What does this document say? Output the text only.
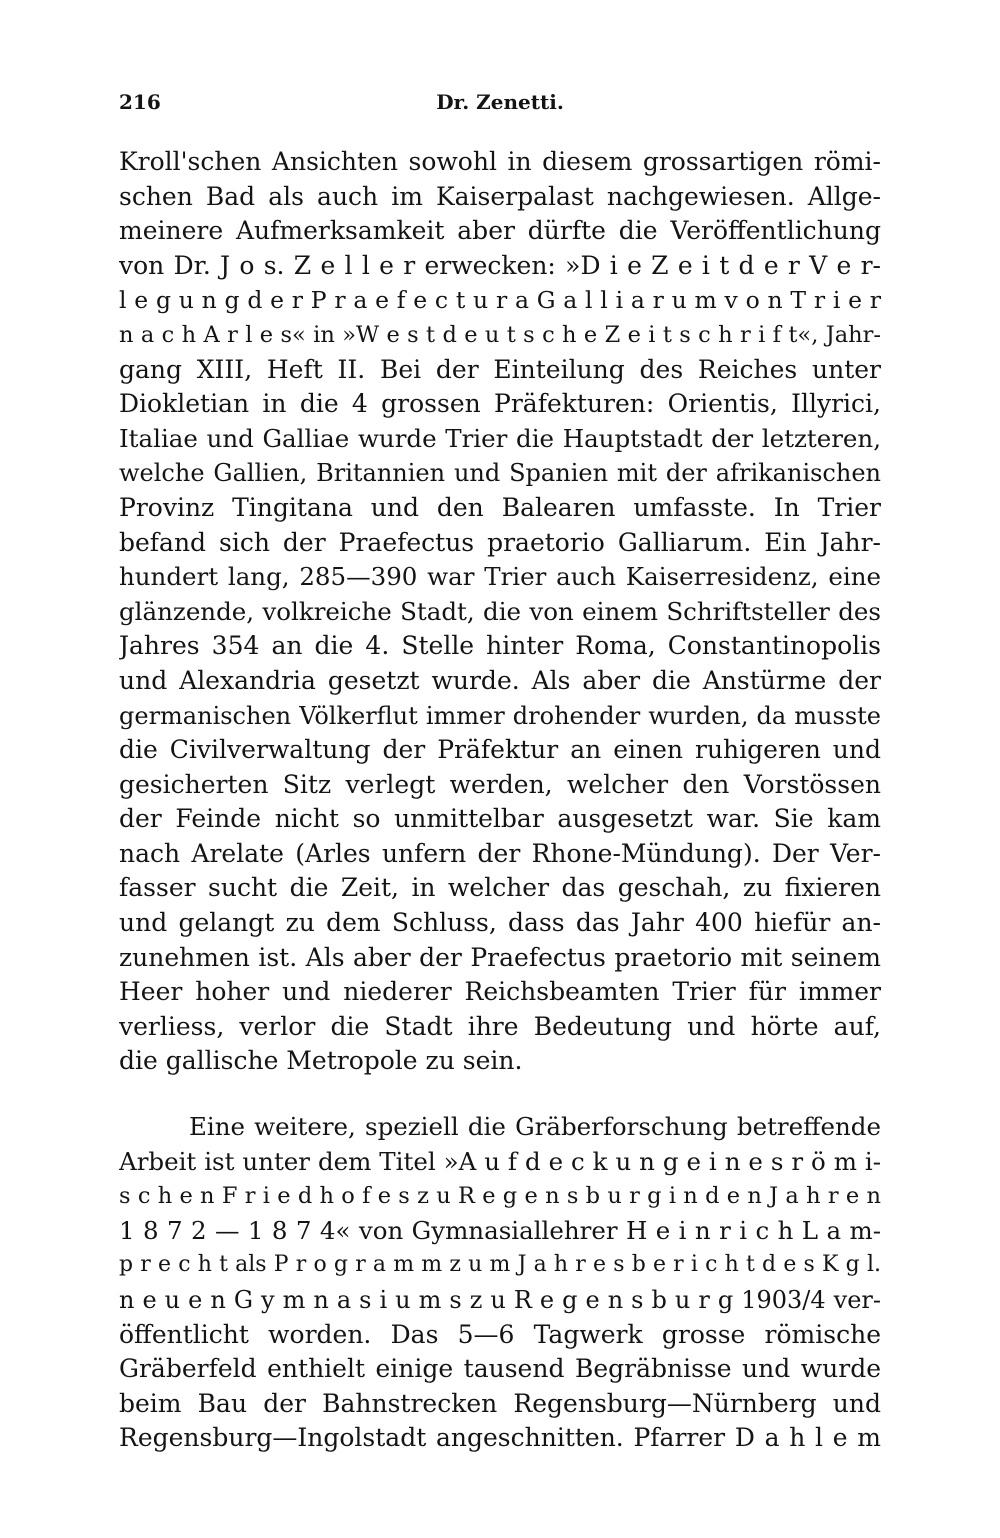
216	Dr. Zenetti.
Kroll'schen Ansichten sowohl in diesem grossartigen römi-
schen Bad als auch im Kaiserpalast nachgewiesen. Allge-
meinere Aufmerksamkeit aber dürfte die Veröffentlichung
von Dr. J o s. Z e l l e r erwecken: »D i e Z e i t d e r V e r-
l e g u n g d e r P r a e f e c t u r a G a l l i a r u m v o n T r i e r
n a c h A r l e s« in »W e s t d e u t s c h e Z e i t s c h r i f t«, Jahr-
gang XIII, Heft II. Bei der Einteilung des Reiches unter
Diokletian in die 4 grossen Präfekturen: Orientis, Illyrici,
Italiae und Galliae wurde Trier die Hauptstadt der letzteren,
welche Gallien, Britannien und Spanien mit der afrikanischen
Provinz Tingitana und den Balearen umfasste. In Trier
befand sich der Praefectus praetorio Galliarum. Ein Jahr-
hundert lang, 285—390 war Trier auch Kaiserresidenz, eine
glänzende, volkreiche Stadt, die von einem Schriftsteller des
Jahres 354 an die 4. Stelle hinter Roma, Constantinopolis
und Alexandria gesetzt wurde. Als aber die Anstürme der
germanischen Völkerflut immer drohender wurden, da musste
die Civilverwaltung der Präfektur an einen ruhigeren und
gesicherten Sitz verlegt werden, welcher den Vorstössen
der Feinde nicht so unmittelbar ausgesetzt war. Sie kam
nach Arelate (Arles unfern der Rhone-Mündung). Der Ver-
fasser sucht die Zeit, in welcher das geschah, zu fixieren
und gelangt zu dem Schluss, dass das Jahr 400 hiefür an-
zunehmen ist. Als aber der Praefectus praetorio mit seinem
Heer hoher und niederer Reichsbeamten Trier für immer
verliess, verlor die Stadt ihre Bedeutung und hörte auf,
die gallische Metropole zu sein.
Eine weitere, speziell die Gräberforschung betreffende
Arbeit ist unter dem Titel »A u f d e c k u n g e i n e s r ö m i-
s c h e n F r i e d h o f e s z u R e g e n s b u r g i n d e n J a h r e n
1 8 7 2 — 1 8 7 4« von Gymnasiallehrer H e i n r i c h L a m-
p r e c h t als P r o g r a m m z u m J a h r e s b e r i c h t d e s K g l.
n e u e n G y m n a s i u m s z u R e g e n s b u r g 1903/4 ver-
öffentlicht worden. Das 5—6 Tagwerk grosse römische
Gräberfeld enthielt einige tausend Begräbnisse und wurde
beim Bau der Bahnstrecken Regensburg—Nürnberg und
Regensburg—Ingolstadt angeschnitten. Pfarrer D a h l e m
